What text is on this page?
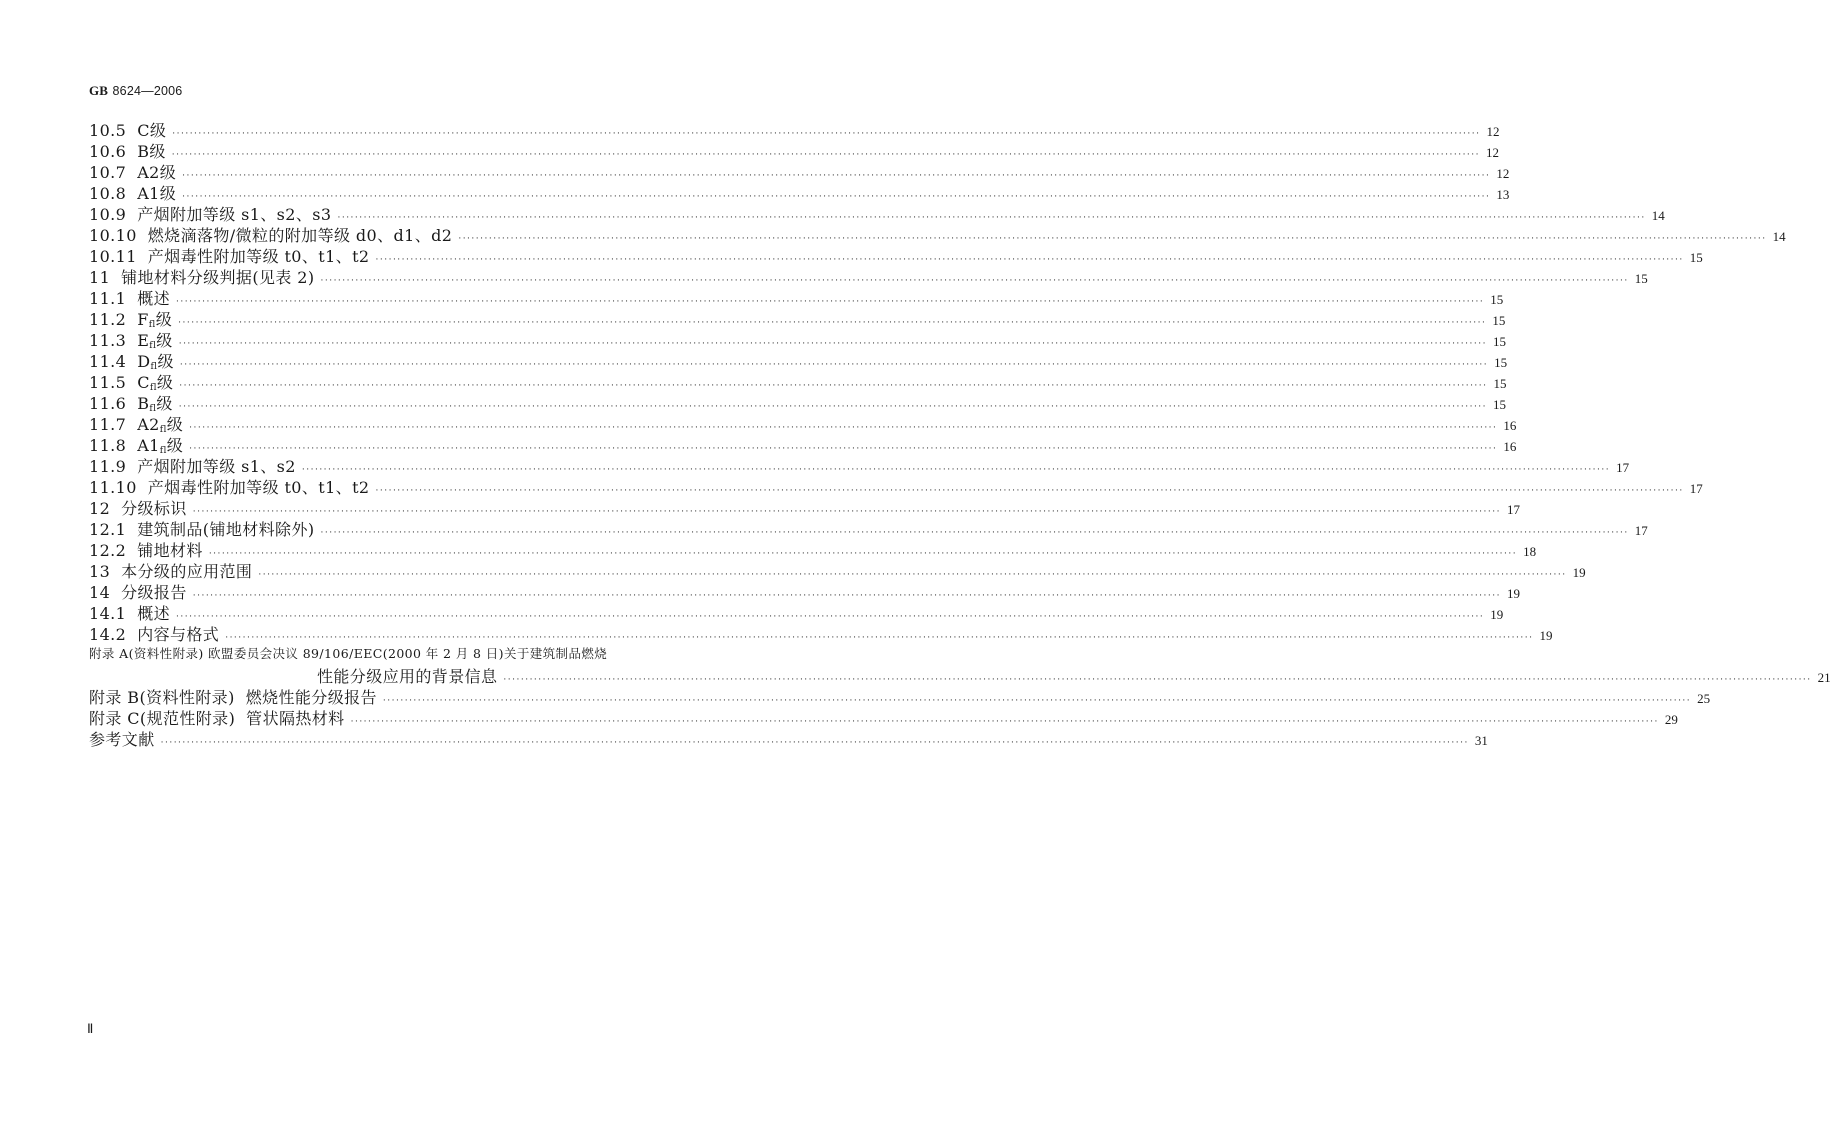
GB 8624—2006
10.5  C级 ············································································································································································································································································································ 12
10.6  B级 ············································································································································································································································································································ 12
10.7  A2级 ············································································································································································································································································································ 12
10.8  A1级 ············································································································································································································································································································ 13
10.9  产烟附加等级 s1、s2、s3 ············································································································································································································································································································ 14
10.10  燃烧滴落物/微粒的附加等级 d0、d1、d2 ············································································································································································································································································································ 14
10.11  产烟毒性附加等级 t0、t1、t2 ············································································································································································································································································································ 15
11  铺地材料分级判据(见表 2) ············································································································································································································································································································ 15
11.1  概述 ············································································································································································································································································································ 15
11.2  $F_{fl}$级 ············································································································································································································································································································ 15
11.3  $E_{fl}$级 ············································································································································································································································································································ 15
11.4  $D_{fl}$级 ············································································································································································································································································································ 15
11.5  $C_{fl}$级 ············································································································································································································································································································ 15
11.6  $B_{fl}$级 ············································································································································································································································································································ 15
11.7  $A2_{fl}$级 ············································································································································································································································································································ 16
11.8  $A1_{fl}$级 ············································································································································································································································································································ 16
11.9  产烟附加等级 s1、s2 ············································································································································································································································································································ 17
11.10  产烟毒性附加等级 t0、t1、t2 ············································································································································································································································································································ 17
12  分级标识 ············································································································································································································································································································ 17
12.1  建筑制品(铺地材料除外) ············································································································································································································································································································ 17
12.2  铺地材料 ············································································································································································································································································································ 18
13  本分级的应用范围 ············································································································································································································································································································ 19
14  分级报告 ············································································································································································································································································································ 19
14.1  概述 ············································································································································································································································································································ 19
14.2  内容与格式 ············································································································································································································································································································ 19
附录 A(资料性附录) 欧盟委员会决议 89/106/EEC(2000 年 2 月 8 日)关于建筑制品燃烧
性能分级应用的背景信息 ············································································································································································································································································································ 21
附录 B(资料性附录)  燃烧性能分级报告 ············································································································································································································································································································ 25
附录 C(规范性附录)  管状隔热材料 ············································································································································································································································································································ 29
参考文献 ············································································································································································································································································································ 31
Ⅱ
